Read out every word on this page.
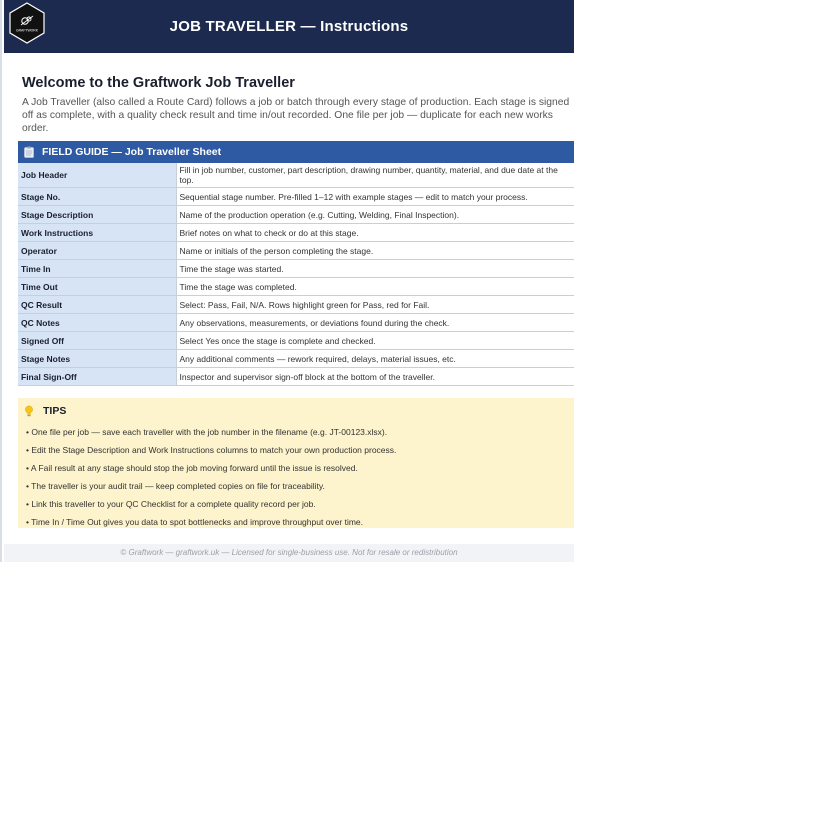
GRAFTWORK	JOB TRAVELLER — Instructions
Welcome to the Graftwork Job Traveller
A Job Traveller (also called a Route Card) follows a job or batch through every stage of production. Each stage is signed off as complete, with a quality check result and time in/out recorded. One file per job — duplicate for each new works order.
FIELD GUIDE — Job Traveller Sheet
Job Header	Fill in job number, customer, part description, drawing number, quantity, material, and due date at the top.
Stage No.	Sequential stage number. Pre-filled 1–12 with example stages — edit to match your process.
Stage Description	Name of the production operation (e.g. Cutting, Welding, Final Inspection).
Work Instructions	Brief notes on what to check or do at this stage.
Operator	Name or initials of the person completing the stage.
Time In	Time the stage was started.
Time Out	Time the stage was completed.
QC Result	Select: Pass, Fail, N/A. Rows highlight green for Pass, red for Fail.
QC Notes	Any observations, measurements, or deviations found during the check.
Signed Off	Select Yes once the stage is complete and checked.
Stage Notes	Any additional comments — rework required, delays, material issues, etc.
Final Sign-Off	Inspector and supervisor sign-off block at the bottom of the traveller.
TIPS
• One file per job — save each traveller with the job number in the filename (e.g. JT-00123.xlsx).
• Edit the Stage Description and Work Instructions columns to match your own production process.
• A Fail result at any stage should stop the job moving forward until the issue is resolved.
• The traveller is your audit trail — keep completed copies on file for traceability.
• Link this traveller to your QC Checklist for a complete quality record per job.
• Time In / Time Out gives you data to spot bottlenecks and improve throughput over time.
© Graftwork — graftwork.uk — Licensed for single-business use. Not for resale or redistribution
